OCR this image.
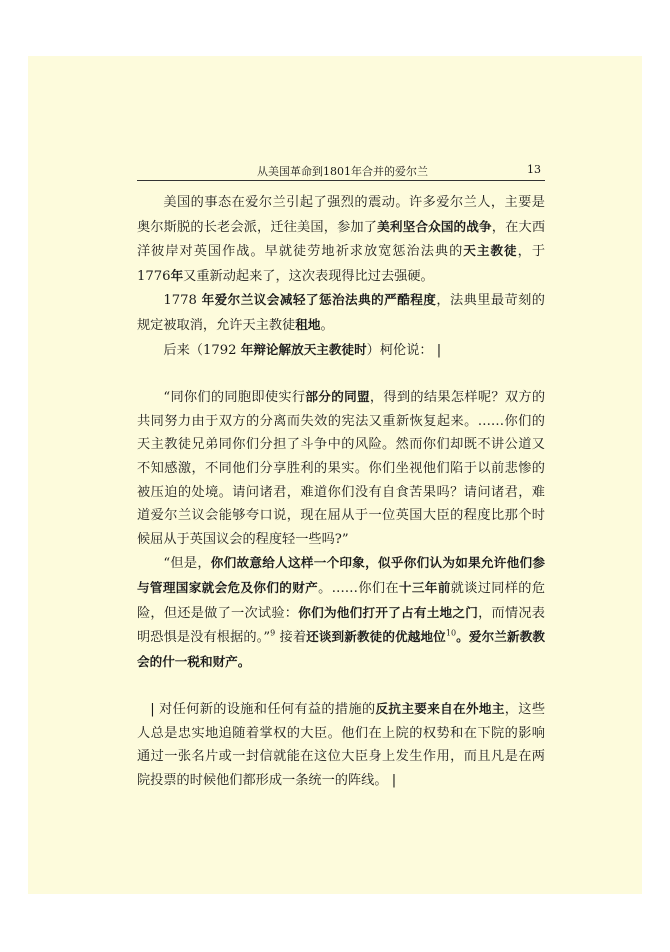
从美国革命到1801年合并的爱尔兰	13

美国的事态在爱尔兰引起了强烈的震动。许多爱尔兰人，主要是奥尔斯脱的长老会派，迁往美国，参加了美利坚合众国的战争，在大西洋彼岸对英国作战。早就徒劳地祈求放宽惩治法典的天主教徒，于1776年又重新动起来了，这次表现得比过去强硬。

1778 年爱尔兰议会减轻了惩治法典的严酷程度，法典里最苛刻的规定被取消，允许天主教徒租地。

后来（1792 年辩论解放天主教徒时）柯伦说： |

“同你们的同胞即使实行部分的同盟，得到的结果怎样呢？双方的共同努力由于双方的分离而失效的宪法又重新恢复起来。……你们的天主教徒兄弟同你们分担了斗争中的风险。然而你们却既不讲公道又不知感激，不同他们分享胜利的果实。你们坐视他们陷于以前悲惨的被压迫的处境。请问诸君，难道你们没有自食苦果吗？请问诸君，难道爱尔兰议会能够夸口说，现在屈从于一位英国大臣的程度比那个时候屈从于英国议会的程度轻一些吗?”

“但是，你们故意给人这样一个印象，似乎你们认为如果允许他们参与管理国家就会危及你们的财产。……你们在十三年前就谈过同样的危险，但还是做了一次试验：你们为他们打开了占有土地之门，而情况表明恐惧是没有根据的。”$^9$ 接着还谈到新教徒的优越地位$^{10}$。爱尔兰新教教会的什一税和财产。

 | 对任何新的设施和任何有益的措施的反抗主要来自在外地主，这些人总是忠实地追随着掌权的大臣。他们在上院的权势和在下院的影响通过一张名片或一封信就能在这位大臣身上发生作用，而且凡是在两院投票的时候他们都形成一条统一的阵线。 |
